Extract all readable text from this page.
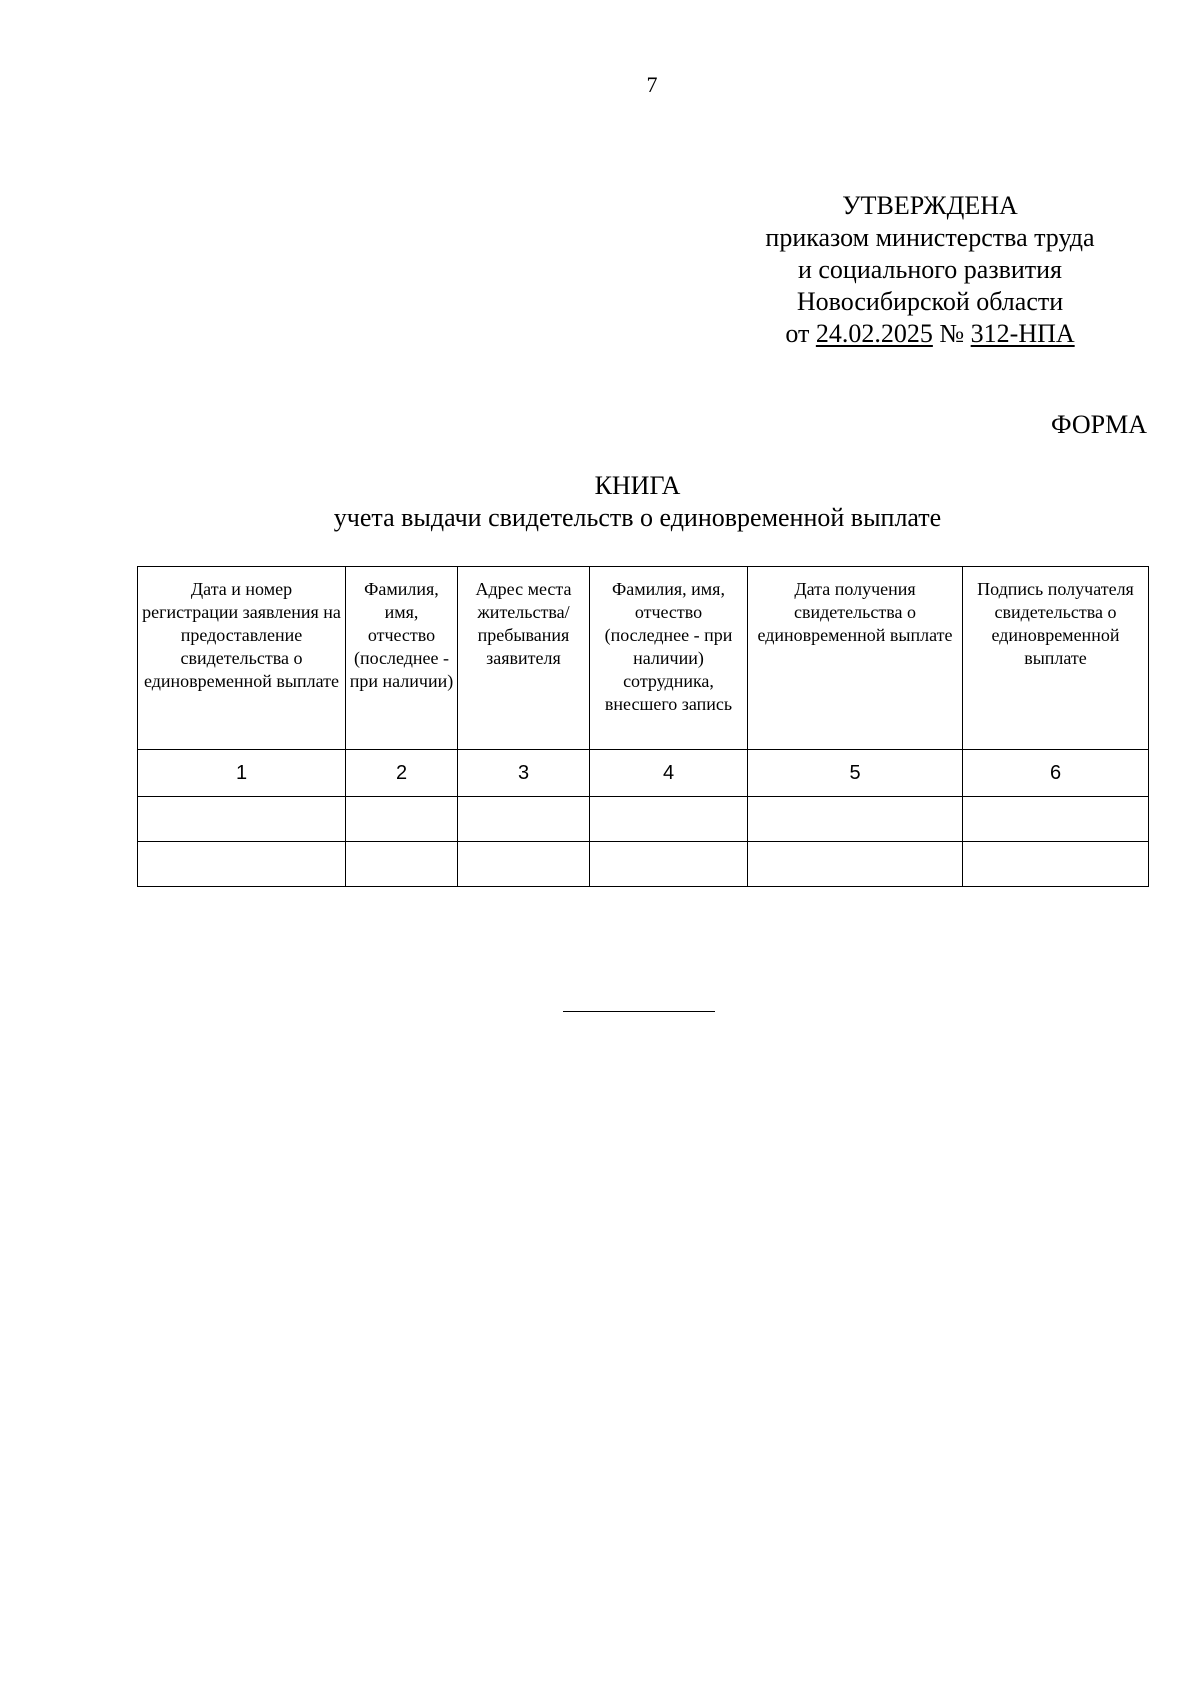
7
УТВЕРЖДЕНА
приказом министерства труда
и социального развития
Новосибирской области
от 24.02.2025 № 312-НПА
ФОРМА
КНИГА
учета выдачи свидетельств о единовременной выплате
Дата и номер регистрации заявления на предоставление свидетельства о единовременной выплате	Фамилия, имя, отчество (последнее - при наличии)	Адрес места жительства/пребывания заявителя	Фамилия, имя, отчество (последнее - при наличии) сотрудника, внесшего запись	Дата получения свидетельства о единовременной выплате	Подпись получателя свидетельства о единовременной выплате

1	2	3	4	5	6
